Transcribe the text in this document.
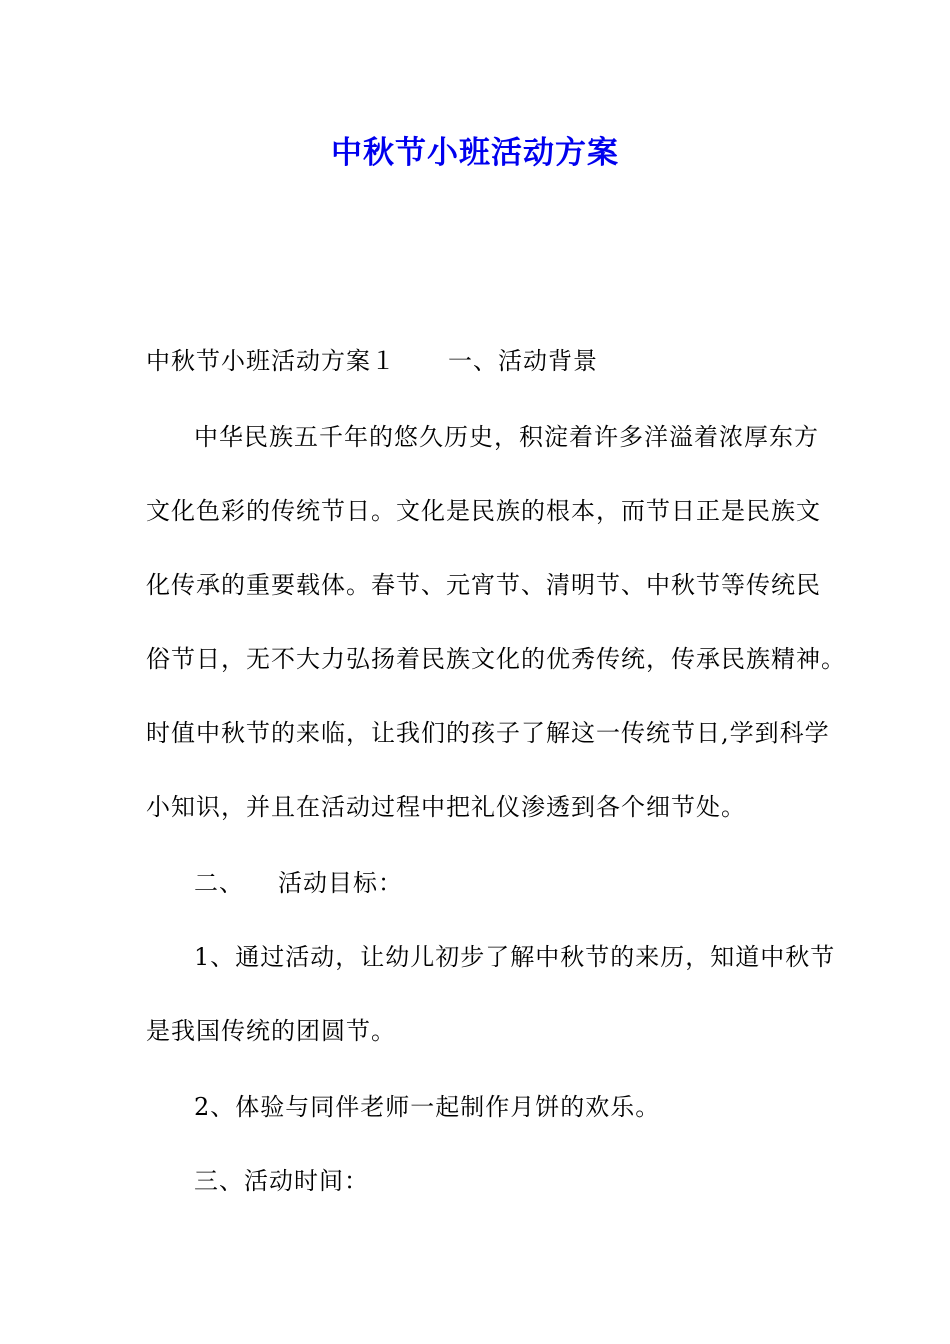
中秋节小班活动方案
中秋节小班活动方案１ 一、活动背景
中华民族五千年的悠久历史，积淀着许多洋溢着浓厚东方
文化色彩的传统节日。文化是民族的根本，而节日正是民族文
化传承的重要载体。春节、元宵节、清明节、中秋节等传统民
俗节日，无不大力弘扬着民族文化的优秀传统，传承民族精神。
时值中秋节的来临，让我们的孩子了解这一传统节日,学到科学
小知识，并且在活动过程中把礼仪渗透到各个细节处。
二、 活动目标：
1、通过活动，让幼儿初步了解中秋节的来历，知道中秋节
是我国传统的团圆节。
2、体验与同伴老师一起制作月饼的欢乐。
三、活动时间：
